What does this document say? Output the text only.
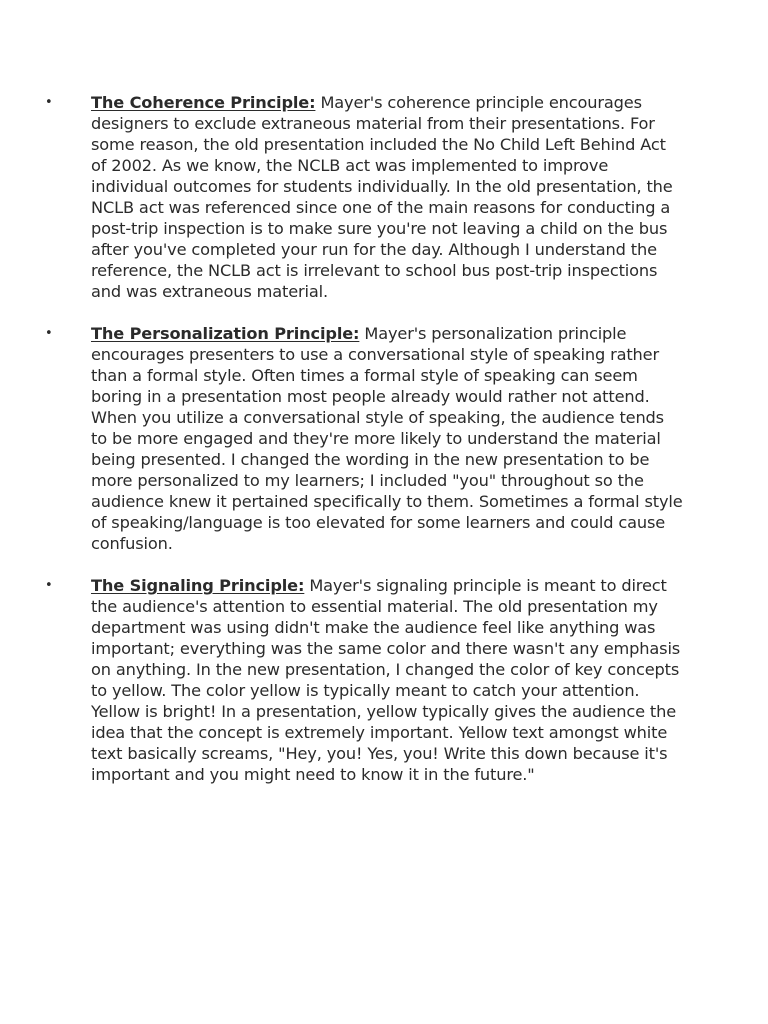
• The Coherence Principle: Mayer's coherence principle encourages designers to exclude extraneous material from their presentations. For some reason, the old presentation included the No Child Left Behind Act of 2002. As we know, the NCLB act was implemented to improve individual outcomes for students individually. In the old presentation, the NCLB act was referenced since one of the main reasons for conducting a post-trip inspection is to make sure you're not leaving a child on the bus after you've completed your run for the day. Although I understand the reference, the NCLB act is irrelevant to school bus post-trip inspections and was extraneous material.
• The Personalization Principle: Mayer's personalization principle encourages presenters to use a conversational style of speaking rather than a formal style. Often times a formal style of speaking can seem boring in a presentation most people already would rather not attend. When you utilize a conversational style of speaking, the audience tends to be more engaged and they're more likely to understand the material being presented. I changed the wording in the new presentation to be more personalized to my learners; I included "you" throughout so the audience knew it pertained specifically to them. Sometimes a formal style of speaking/language is too elevated for some learners and could cause confusion.
• The Signaling Principle: Mayer's signaling principle is meant to direct the audience's attention to essential material. The old presentation my department was using didn't make the audience feel like anything was important; everything was the same color and there wasn't any emphasis on anything. In the new presentation, I changed the color of key concepts to yellow. The color yellow is typically meant to catch your attention. Yellow is bright! In a presentation, yellow typically gives the audience the idea that the concept is extremely important. Yellow text amongst white text basically screams, "Hey, you! Yes, you! Write this down because it's important and you might need to know it in the future."
